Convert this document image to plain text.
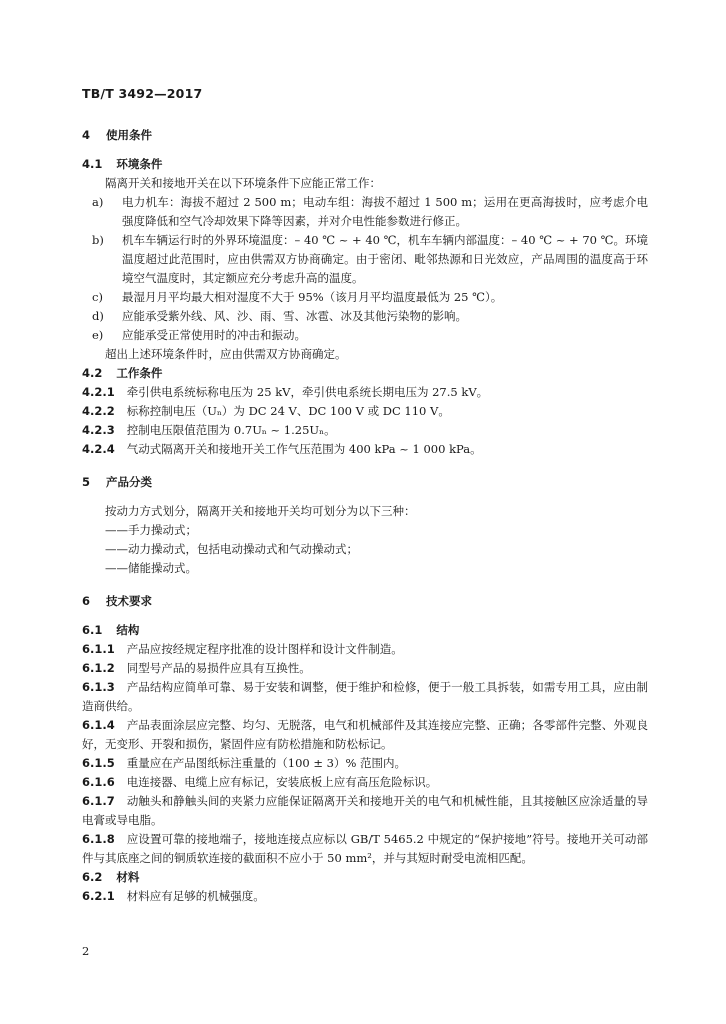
TB/T 3492—2017
4 使用条件
4.1 环境条件

隔离开关和接地开关在以下环境条件下应能正常工作：

a)	电力机车：海拔不超过 2 500 m；电动车组：海拔不超过 1 500 m；运用在更高海拔时，应考虑介电强度降低和空气冷却效果下降等因素，并对介电性能参数进行修正。
b)	机车车辆运行时的外界环境温度：– 40 ℃ ~ + 40 ℃，机车车辆内部温度：– 40 ℃ ~ + 70 ℃。环境温度超过此范围时，应由供需双方协商确定。由于密闭、毗邻热源和日光效应，产品周围的温度高于环境空气温度时，其定额应充分考虑升高的温度。
c)	最湿月月平均最大相对湿度不大于 95%（该月月平均温度最低为 25 ℃）。
d)	应能承受紫外线、风、沙、雨、雪、冰雹、冰及其他污染物的影响。
e)	应能承受正常使用时的冲击和振动。

超出上述环境条件时，应由供需双方协商确定。

4.2 工作条件

4.2.1 牵引供电系统标称电压为 25 kV，牵引供电系统长期电压为 27.5 kV。

4.2.2 标称控制电压（Uₙ）为 DC 24 V、DC 100 V 或 DC 110 V。

4.2.3 控制电压限值范围为 0.7Uₙ ~ 1.25Uₙ。

4.2.4 气动式隔离开关和接地开关工作气压范围为 400 kPa ~ 1 000 kPa。

5 产品分类

按动力方式划分，隔离开关和接地开关均可划分为以下三种：

——手力操动式；

——动力操动式，包括电动操动式和气动操动式；

——储能操动式。

6 技术要求
6.1 结构

6.1.1 产品应按经规定程序批准的设计图样和设计文件制造。

6.1.2 同型号产品的易损件应具有互换性。

6.1.3 产品结构应简单可靠、易于安装和调整，便于维护和检修，便于一般工具拆装，如需专用工具，应由制造商供给。

6.1.4 产品表面涂层应完整、均匀、无脱落，电气和机械部件及其连接应完整、正确；各零部件完整、外观良好，无变形、开裂和损伤，紧固件应有防松措施和防松标记。

6.1.5 重量应在产品图纸标注重量的（100 ± 3）% 范围内。

6.1.6 电连接器、电缆上应有标记，安装底板上应有高压危险标识。

6.1.7 动触头和静触头间的夹紧力应能保证隔离开关和接地开关的电气和机械性能，且其接触区应涂适量的导电膏或导电脂。

6.1.8 应设置可靠的接地端子，接地连接点应标以 GB/T 5465.2 中规定的“保护接地”符号。接地开关可动部件与其底座之间的铜质软连接的截面积不应小于 50 mm²，并与其短时耐受电流相匹配。

6.2 材料

6.2.1 材料应有足够的机械强度。

2
